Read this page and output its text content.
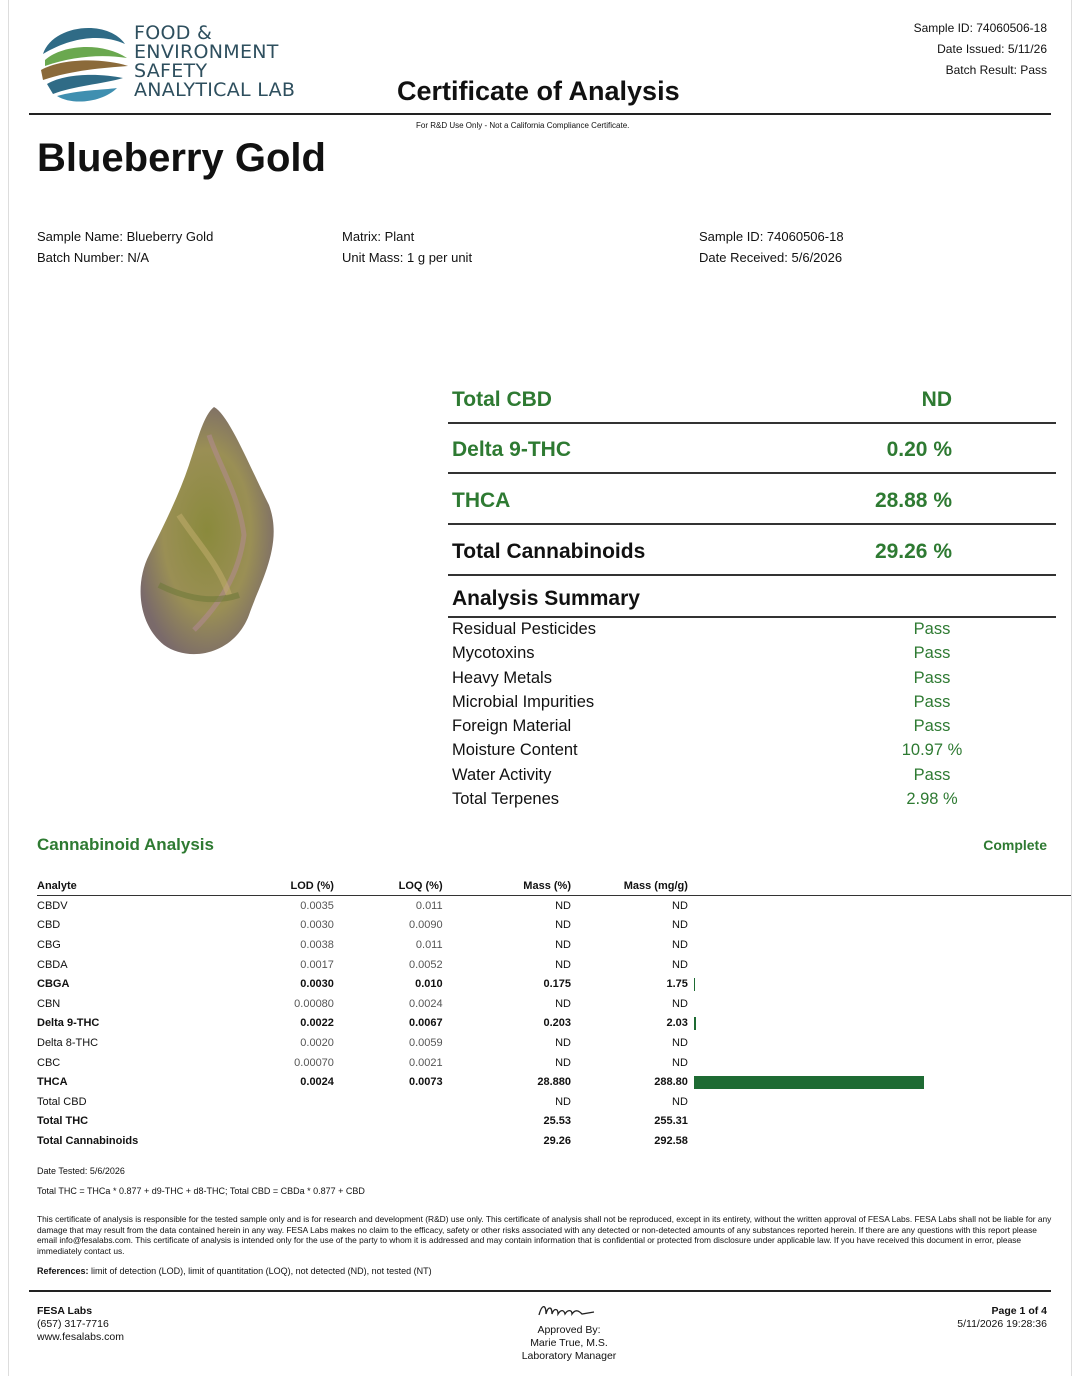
FOOD &
ENVIRONMENT
SAFETY
ANALYTICAL LAB
Sample ID: 74060506-18
Date Issued: 5/11/26
Batch Result: Pass
Certificate of Analysis
For R&D Use Only - Not a California Compliance Certificate.
Blueberry Gold
Sample Name: Blueberry Gold
Batch Number: N/A
Matrix: Plant
Unit Mass: 1 g per unit
Sample ID: 74060506-18
Date Received: 5/6/2026
Total CBD	ND
Delta 9-THC	0.20 %
THCA	28.88 %
Total Cannabinoids	29.26 %
Analysis Summary
Residual Pesticides	Pass
Mycotoxins	Pass
Heavy Metals	Pass
Microbial Impurities	Pass
Foreign Material	Pass
Moisture Content	10.97 %
Water Activity	Pass
Total Terpenes	2.98 %
Cannabinoid Analysis	Complete
Analyte	LOD (%)	LOQ (%)	Mass (%)	Mass (mg/g)	
CBDV	0.0035	0.011	ND	ND	
CBD	0.0030	0.0090	ND	ND	
CBG	0.0038	0.011	ND	ND	
CBDA	0.0017	0.0052	ND	ND	
CBGA	0.0030	0.010	0.175	1.75	
CBN	0.00080	0.0024	ND	ND	
Delta 9-THC	0.0022	0.0067	0.203	2.03	
Delta 8-THC	0.0020	0.0059	ND	ND	
CBC	0.00070	0.0021	ND	ND	
THCA	0.0024	0.0073	28.880	288.80	
Total CBD			ND	ND	
Total THC			25.53	255.31	
Total Cannabinoids			29.26	292.58	
Date Tested: 5/6/2026
Total THC = THCa * 0.877 + d9-THC + d8-THC; Total CBD = CBDa * 0.877 + CBD
This certificate of analysis is responsible for the tested sample only and is for research and development (R&D) use only. This certificate of analysis shall not be reproduced, except in its entirety, without the written approval of FESA Labs. FESA Labs shall not be liable for any damage that may result from the data contained herein in any way. FESA Labs makes no claim to the efficacy, safety or other risks associated with any detected or non-detected amounts of any substances reported herein. If there are any questions with this report please email info@fesalabs.com. This certificate of analysis is intended only for the use of the party to whom it is addressed and may contain information that is confidential or protected from disclosure under applicable law. If you have received this document in error, please immediately contact us.
References: limit of detection (LOD), limit of quantitation (LOQ), not detected (ND), not tested (NT)
FESA Labs
(657) 317-7716
www.fesalabs.com
Approved By:
Marie True, M.S.
Laboratory Manager
Page 1 of 4
5/11/2026 19:28:36
